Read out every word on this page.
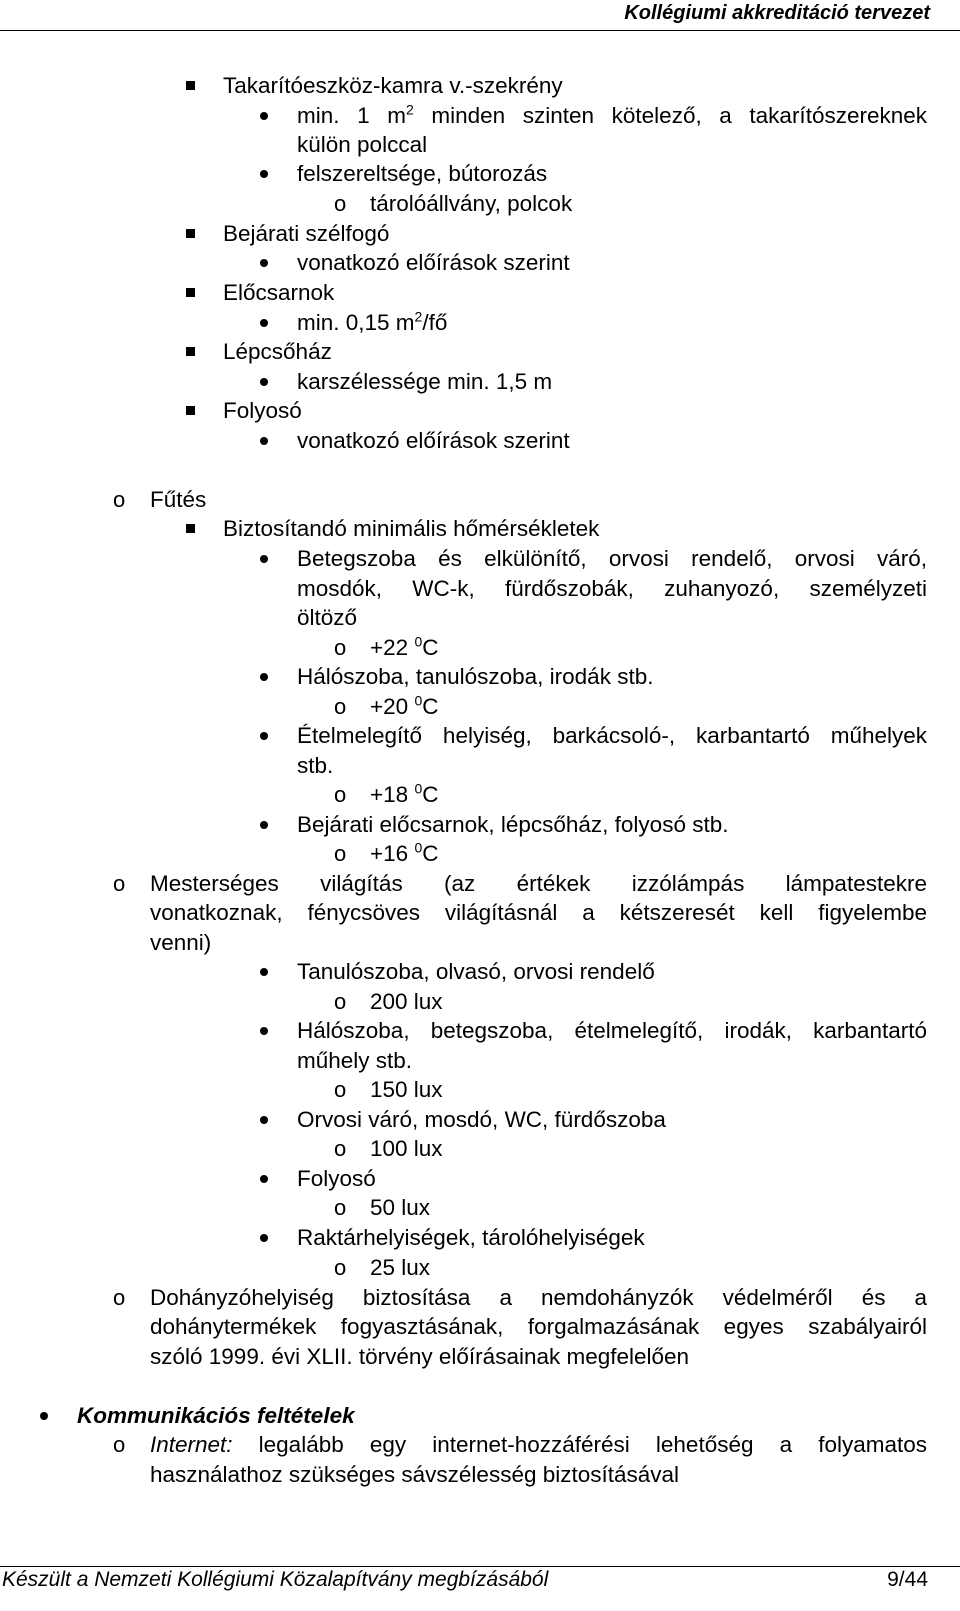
Kollégiumi akkreditáció tervezet
Takarítóeszköz-kamra v.-szekrény
min. 1 $m^2$ minden szinten kötelező, a takarítószereknek
külön polccal
felszereltsége, bútorozás
o tárolóállvány, polcok
Bejárati szélfogó
vonatkozó előírások szerint
Előcsarnok
min. 0,15 $m^2/fő$
Lépcsőház
karszélessége min. 1,5 m
Folyosó
vonatkozó előírások szerint
o Fűtés
Biztosítandó minimális hőmérsékletek
Betegszoba és elkülönítő, orvosi rendelő, orvosi váró,
mosdók, WC-k, fürdőszobák, zuhanyozó, személyzeti
öltöző
o +22 $^0$C
Hálószoba, tanulószoba, irodák stb.
o +20 $^0$C
Ételmelegítő helyiség, barkácsoló-, karbantartó műhelyek
stb.
o +18 $^0$C
Bejárati előcsarnok, lépcsőház, folyosó stb.
o +16 $^0$C
o Mesterséges világítás (az értékek izzólámpás lámpatestekre
vonatkoznak, fénycsöves világításnál a kétszeresét kell figyelembe
venni)
Tanulószoba, olvasó, orvosi rendelő
o 200 lux
Hálószoba, betegszoba, ételmelegítő, irodák, karbantartó
műhely stb.
o 150 lux
Orvosi váró, mosdó, WC, fürdőszoba
o 100 lux
Folyosó
o 50 lux
Raktárhelyiségek, tárolóhelyiségek
o 25 lux
o Dohányzóhelyiség biztosítása a nemdohányzók védelméről és a
dohánytermékek fogyasztásának, forgalmazásának egyes szabályairól
szóló 1999. évi XLII. törvény előírásainak megfelelően
Kommunikációs feltételek
o Internet: legalább egy internet-hozzáférési lehetőség a folyamatos
használathoz szükséges sávszélesség biztosításával
Készült a Nemzeti Kollégiumi Közalapítvány megbízásából	9/44
